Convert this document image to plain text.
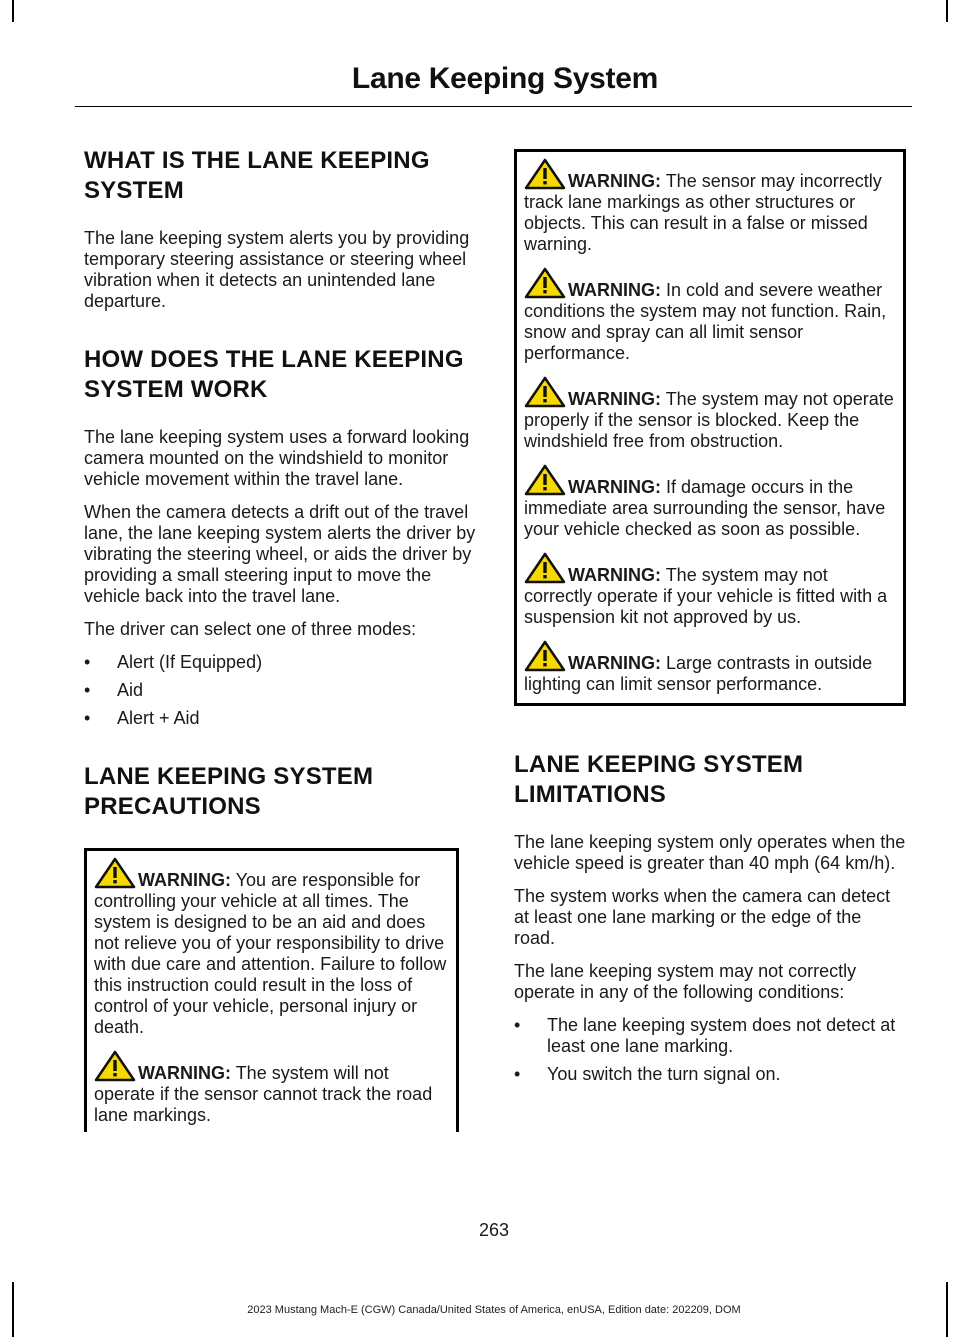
Lane Keeping System
WHAT IS THE LANE KEEPING SYSTEM

The lane keeping system alerts you by providing temporary steering assistance or steering wheel vibration when it detects an unintended lane departure.

HOW DOES THE LANE KEEPING SYSTEM WORK

The lane keeping system uses a forward looking camera mounted on the windshield to monitor vehicle movement within the travel lane.

When the camera detects a drift out of the travel lane, the lane keeping system alerts the driver by vibrating the steering wheel, or aids the driver by providing a small steering input to move the vehicle back into the travel lane.

The driver can select one of three modes:

• Alert (If Equipped)
• Aid
• Alert + Aid
LANE KEEPING SYSTEM PRECAUTIONS
WARNING: You are responsible for controlling your vehicle at all times. The system is designed to be an aid and does not relieve you of your responsibility to drive with due care and attention. Failure to follow this instruction could result in the loss of control of your vehicle, personal injury or death.
WARNING: The system will not operate if the sensor cannot track the road lane markings.
WARNING: The sensor may incorrectly track lane markings as other structures or objects. This can result in a false or missed warning.
WARNING: In cold and severe weather conditions the system may not function. Rain, snow and spray can all limit sensor performance.
WARNING: The system may not operate properly if the sensor is blocked. Keep the windshield free from obstruction.
WARNING: If damage occurs in the immediate area surrounding the sensor, have your vehicle checked as soon as possible.
WARNING: The system may not correctly operate if your vehicle is fitted with a suspension kit not approved by us.
WARNING: Large contrasts in outside lighting can limit sensor performance.
LANE KEEPING SYSTEM LIMITATIONS

The lane keeping system only operates when the vehicle speed is greater than 40 mph (64 km/h).

The system works when the camera can detect at least one lane marking or the edge of the road.

The lane keeping system may not correctly operate in any of the following conditions:

• The lane keeping system does not detect at least one lane marking.
• You switch the turn signal on.
263
2023 Mustang Mach-E (CGW) Canada/United States of America, enUSA, Edition date: 202209, DOM
